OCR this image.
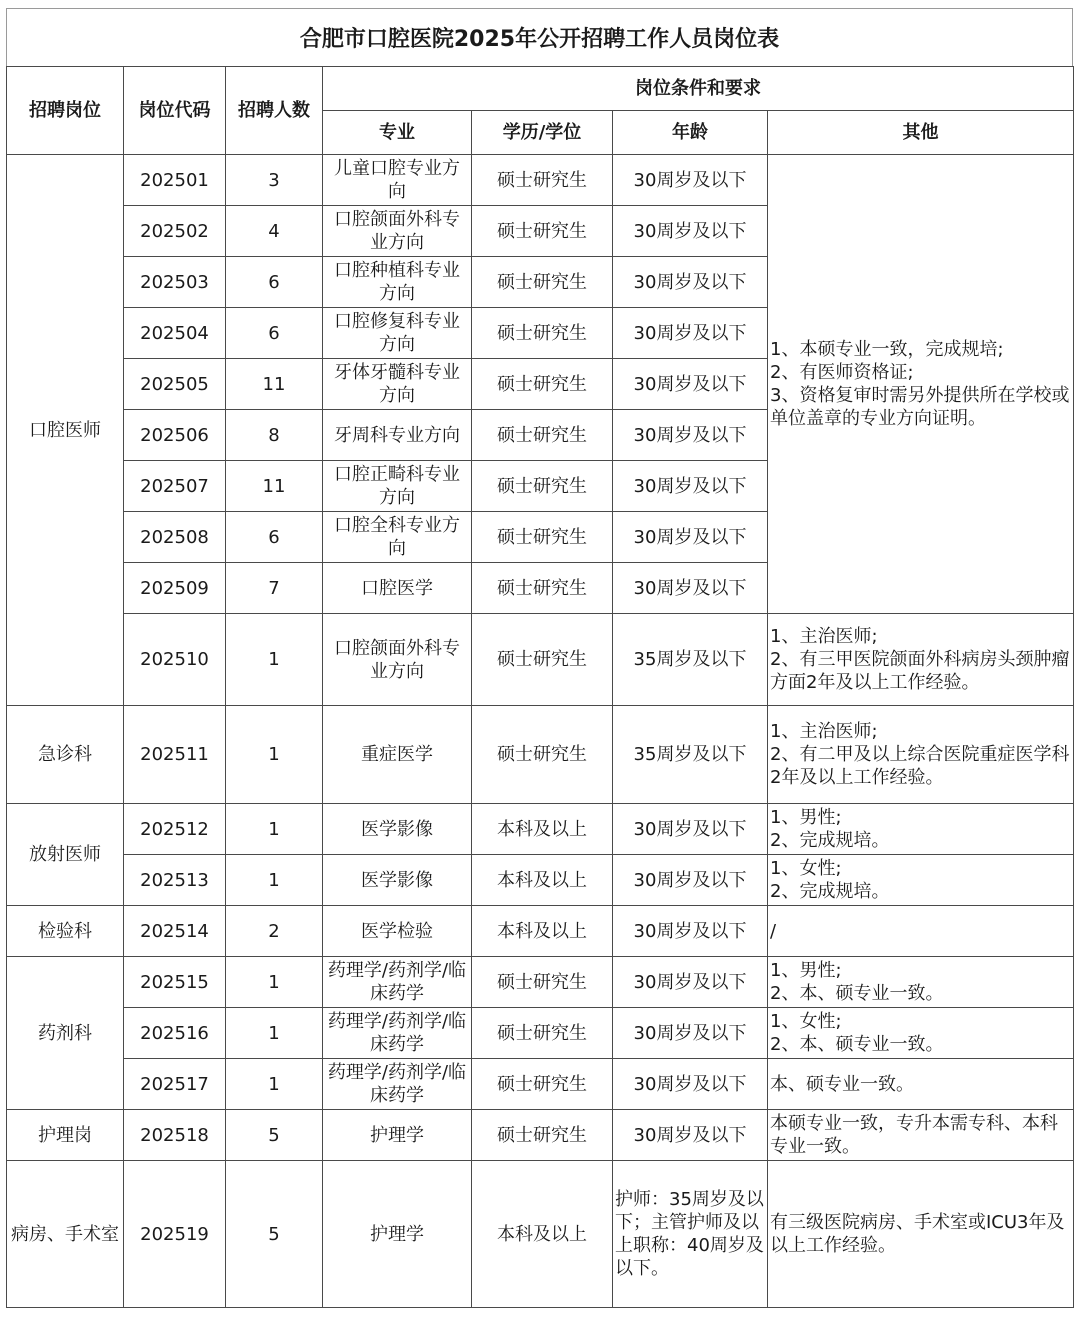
合肥市口腔医院2025年公开招聘工作人员岗位表
招聘岗位	岗位代码	招聘人数	岗位条件和要求			
			专业	学历/学位	年龄	其他
口腔医师	202501	3	儿童口腔专业方向	硕士研究生	30周岁及以下	1、本硕专业一致，完成规培;
2、有医师资格证;
3、资格复审时需另外提供所在学校或单位盖章的专业方向证明。

	202502	4	口腔颌面外科专业方向	硕士研究生	30周岁及以下	
	202503	6	口腔种植科专业方向	硕士研究生	30周岁及以下	
	202504	6	口腔修复科专业方向	硕士研究生	30周岁及以下	
	202505	11	牙体牙髓科专业方向	硕士研究生	30周岁及以下	
	202506	8	牙周科专业方向	硕士研究生	30周岁及以下	
	202507	11	口腔正畸科专业方向	硕士研究生	30周岁及以下	
	202508	6	口腔全科专业方向	硕士研究生	30周岁及以下	
	202509	7	口腔医学	硕士研究生	30周岁及以下	
	202510	1	口腔颌面外科专业方向	硕士研究生	35周岁及以下	1、主治医师;
2、有三甲医院颌面外科病房头颈肿瘤方面2年及以上工作经验。

急诊科	202511	1	重症医学	硕士研究生	35周岁及以下	1、主治医师;
2、有二甲及以上综合医院重症医学科2年及以上工作经验。

放射医师	202512	1	医学影像	本科及以上	30周岁及以下	1、男性;
2、完成规培。

	202513	1	医学影像	本科及以上	30周岁及以下	1、女性;
2、完成规培。

检验科	202514	2	医学检验	本科及以上	30周岁及以下	/
药剂科	202515	1	药理学/药剂学/临床药学	硕士研究生	30周岁及以下	1、男性;
2、本、硕专业一致。

	202516	1	药理学/药剂学/临床药学	硕士研究生	30周岁及以下	1、女性;
2、本、硕专业一致。

	202517	1	药理学/药剂学/临床药学	硕士研究生	30周岁及以下	本、硕专业一致。
护理岗	202518	5	护理学	硕士研究生	30周岁及以下	本硕专业一致，专升本需专科、本科专业一致。
病房、手术室	202519	5	护理学	本科及以上	护师：35周岁及以下；主管护师及以上职称：40周岁及以下。	有三级医院病房、手术室或ICU3年及以上工作经验。
